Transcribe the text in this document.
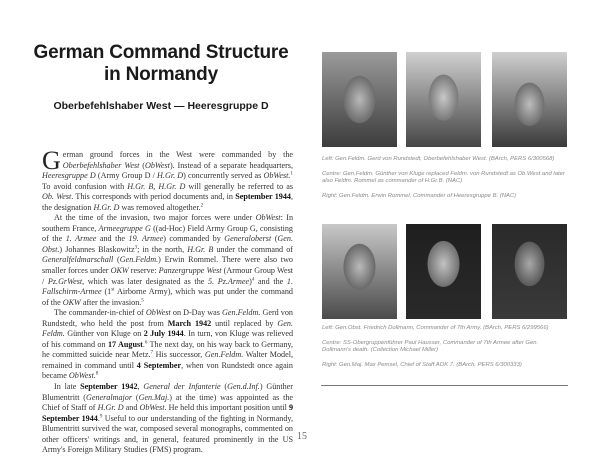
German Command Structure
in Normandy
Oberbefehlshaber West — Heeresgruppe D

German ground forces in the West were commanded by the Oberbefehlshaber West (ObWest). Instead of a separate headquarters, Heeresgruppe D (Army Group D / H.Gr. D) concurrently served as ObWest.$^1$ To avoid confusion with H.Gr. B, H.Gr. D will generally be referred to as Ob. West. This corresponds with period documents and, in September 1944, the designation H.Gr. D was removed altogether.$^2$

At the time of the invasion, two major forces were under ObWest: In southern France, Armeegruppe G ((ad-Hoc) Field Army Group G, consisting of the 1. Armee and the 19. Armee) commanded by Generaloberst (Gen. Obst.) Johannes Blaskowitz$^3$; in the north, H.Gr. B under the command of Generalfeldmarschall (Gen.Feldm.) Erwin Rommel. There were also two smaller forces under OKW reserve: Panzergruppe West (Armour Group West / Pz.GrWest, which was later designated as the 5. Pz.Armee)$^4$ and the 1. Fallschirm-Armee (1st Airborne Army), which was put under the command of the OKW after the invasion.$^5$

The commander-in-chief of ObWest on D-Day was Gen.Feldm. Gerd von Rundstedt, who held the post from March 1942 until replaced by Gen. Feldm. Günther von Kluge on 2 July 1944. In turn, von Kluge was relieved of his command on 17 August.$^6$ The next day, on his way back to Germany, he committed suicide near Metz.$^7$ His successor, Gen.Feldm. Walter Model, remained in command until 4 September, when von Rundstedt once again became ObWest.$^8$

In late September 1942, General der Infanterie (Gen.d.Inf.) Günther Blumentritt (Generalmajor (Gen.Maj.) at the time) was appointed as the Chief of Staff of H.Gr. D and ObWest. He held this important position until 9 September 1944.$^9$ Useful to our understanding of the fighting in Normandy, Blumentritt survived the war, composed several monographs, commented on other officers' writings and, in general, featured prominently in the US Army's Foreign Military Studies (FMS) program.

Left: Gen.Feldm. Gerd von Rundstedt, Oberbefehlshaber West. (BArch, PERS 6/300568)
Centre: Gen.Feldm. Günther von Kluge replaced Feldm. von Rundstedt as Ob.West and later also Feldm. Rommel as commander of H.Gr.B. (NAC)
Right: Gen.Feldm. Erwin Rommel, Commander of Heeresgruppe B. (NAC)
Left: Gen.Obst. Friedrich Dollmann, Commander of 7th Army. (BArch, PERS 6/299566)
Centre: SS-Obergruppenführer Paul Hausser, Commander of 7th Armee after Gen. Dollmann's death. (Collection Michael Miller)
Right: Gen.Maj. Max Pemsel, Chief of Staff AOK 7. (BArch, PERS 6/300333)
15
